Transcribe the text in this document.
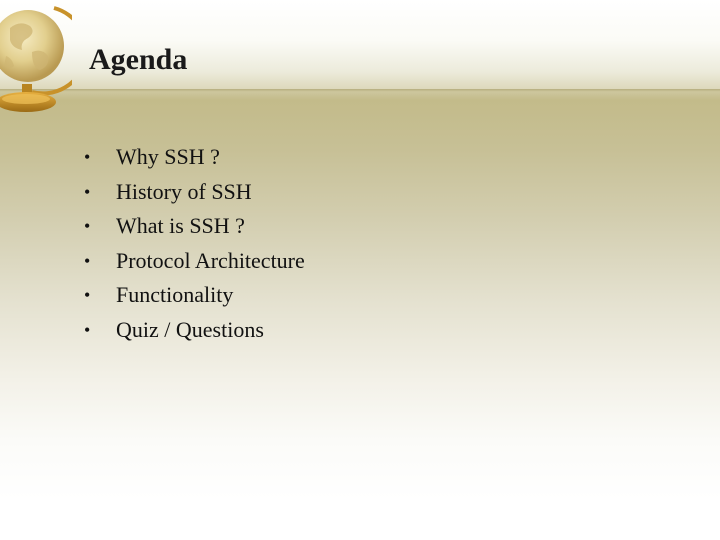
Agenda
•	Why SSH ?
•	History of SSH
•	What is SSH ?
•	Protocol Architecture
•	Functionality
•	Quiz / Questions
